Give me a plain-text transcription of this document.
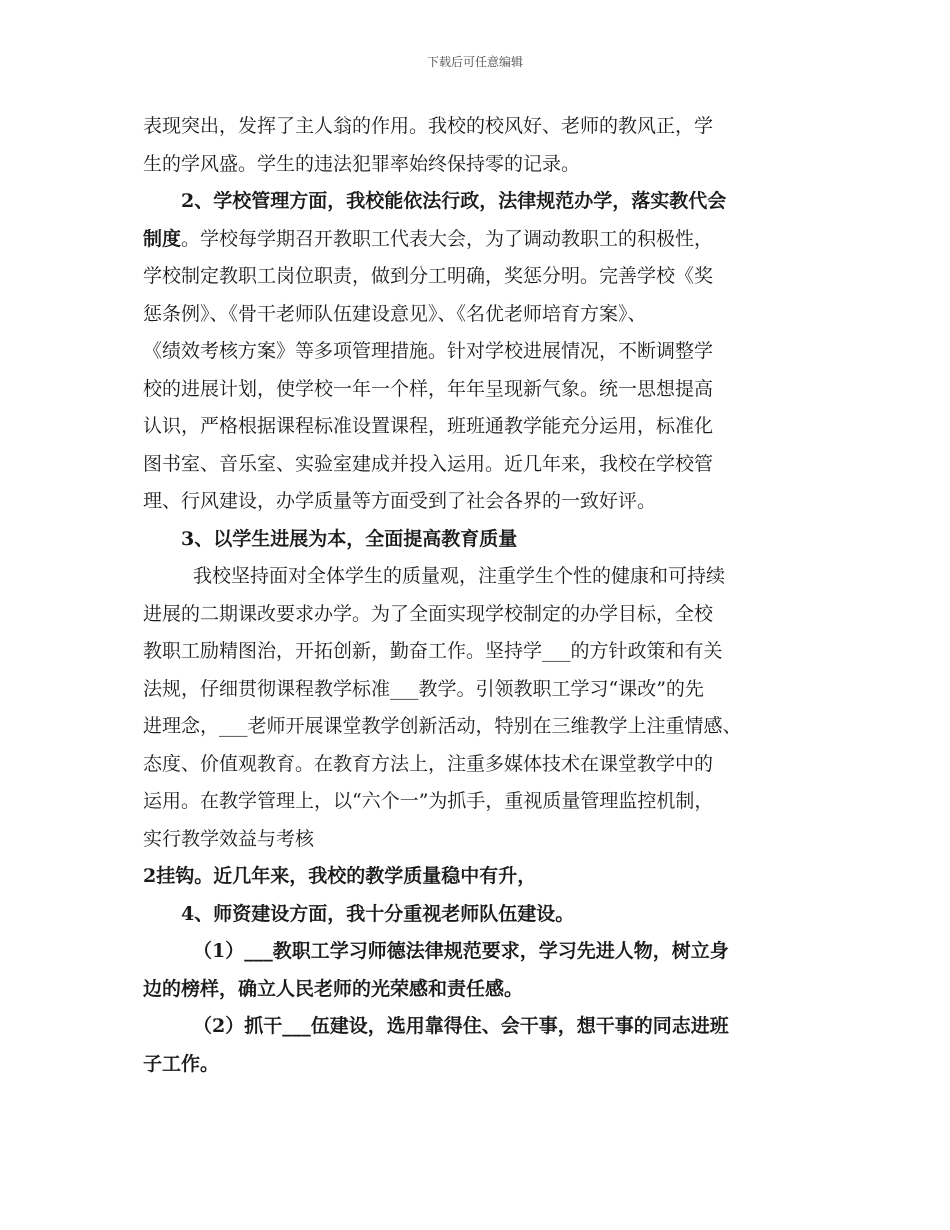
下载后可任意编辑
表现突出，发挥了主人翁的作用。我校的校风好、老师的教风正，学
生的学风盛。学生的违法犯罪率始终保持零的记录。
2、学校管理方面，我校能依法行政，法律规范办学，落实教代会
制度。学校每学期召开教职工代表大会，为了调动教职工的积极性，
学校制定教职工岗位职责，做到分工明确，奖惩分明。完善学校《奖
惩条例》、《骨干老师队伍建设意见》、《名优老师培育方案》、
《绩效考核方案》等多项管理措施。针对学校进展情况，不断调整学
校的进展计划，使学校一年一个样，年年呈现新气象。统一思想提高
认识，严格根据课程标准设置课程，班班通教学能充分运用，标准化
图书室、音乐室、实验室建成并投入运用。近几年来，我校在学校管
理、行风建设，办学质量等方面受到了社会各界的一致好评。
3、以学生进展为本，全面提高教育质量
我校坚持面对全体学生的质量观，注重学生个性的健康和可持续
进展的二期课改要求办学。为了全面实现学校制定的办学目标，全校
教职工励精图治，开拓创新，勤奋工作。坚持学___的方针政策和有关
法规，仔细贯彻课程教学标准___教学。引领教职工学习“课改”的先
进理念，___老师开展课堂教学创新活动，特别在三维教学上注重情感、
态度、价值观教育。在教育方法上，注重多媒体技术在课堂教学中的
运用。在教学管理上，以“六个一”为抓手，重视质量管理监控机制，
实行教学效益与考核
2挂钩。近几年来，我校的教学质量稳中有升，
4、师资建设方面，我十分重视老师队伍建设。
（1）___教职工学习师德法律规范要求，学习先进人物，树立身
边的榜样，确立人民老师的光荣感和责任感。
（2）抓干___伍建设，选用靠得住、会干事，想干事的同志进班
子工作。
